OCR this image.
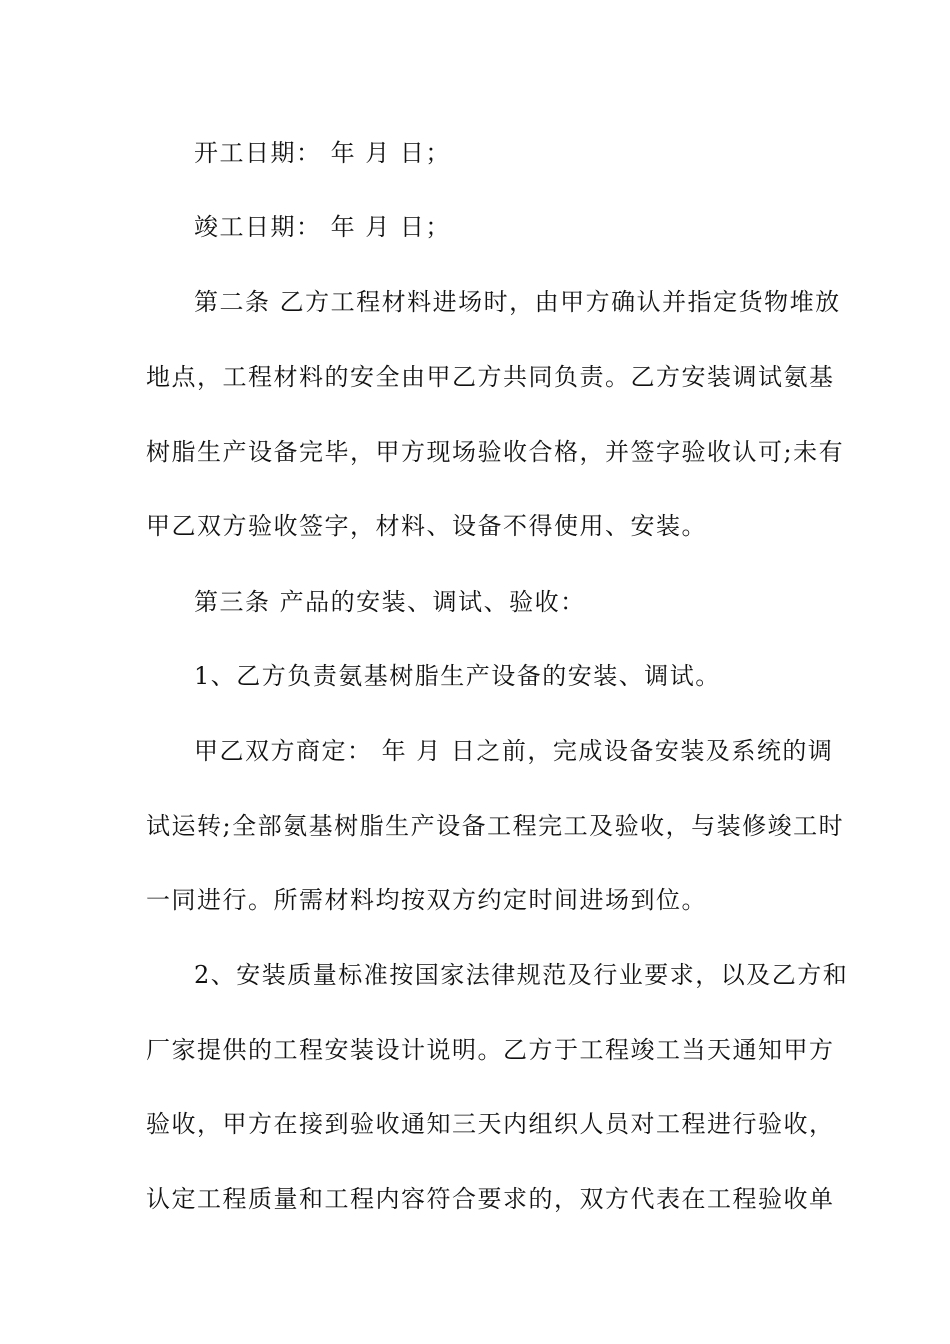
开工日期： 年 月 日；
竣工日期： 年 月 日；
第二条 乙方工程材料进场时，由甲方确认并指定货物堆放
地点，工程材料的安全由甲乙方共同负责。乙方安装调试氨基
树脂生产设备完毕，甲方现场验收合格，并签字验收认可;未有
甲乙双方验收签字，材料、设备不得使用、安装。
第三条 产品的安装、调试、验收：
1、乙方负责氨基树脂生产设备的安装、调试。
甲乙双方商定： 年 月 日之前，完成设备安装及系统的调
试运转;全部氨基树脂生产设备工程完工及验收，与装修竣工时
一同进行。所需材料均按双方约定时间进场到位。
2、安装质量标准按国家法律规范及行业要求，以及乙方和
厂家提供的工程安装设计说明。乙方于工程竣工当天通知甲方
验收，甲方在接到验收通知三天内组织人员对工程进行验收，
认定工程质量和工程内容符合要求的，双方代表在工程验收单
